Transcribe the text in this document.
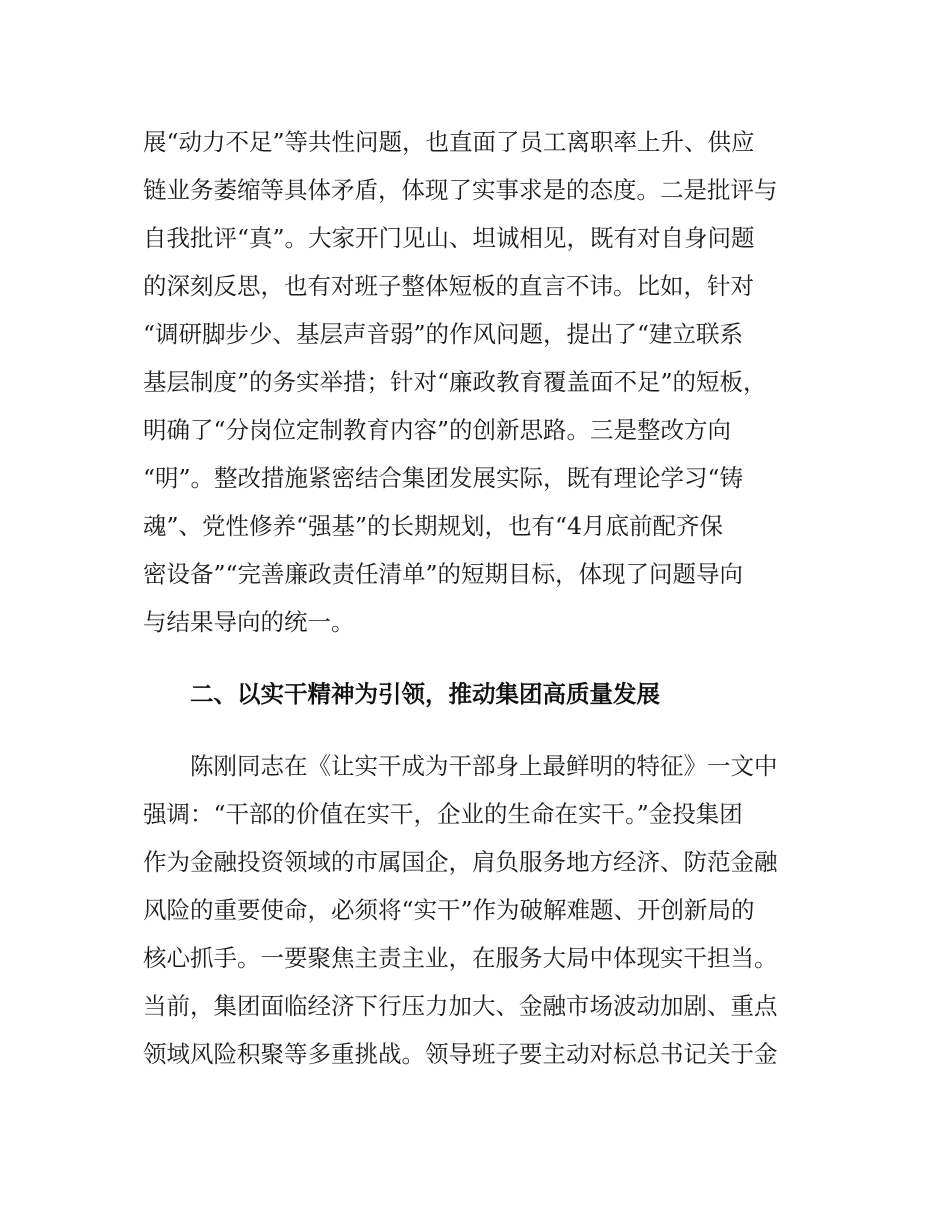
展“动力不足”等共性问题，也直面了员工离职率上升、供应
链业务萎缩等具体矛盾，体现了实事求是的态度。二是批评与
自我批评“真”。大家开门见山、坦诚相见，既有对自身问题
的深刻反思，也有对班子整体短板的直言不讳。比如，针对
“调研脚步少、基层声音弱”的作风问题，提出了“建立联系
基层制度”的务实举措；针对“廉政教育覆盖面不足”的短板，
明确了“分岗位定制教育内容”的创新思路。三是整改方向
“明”。整改措施紧密结合集团发展实际，既有理论学习“铸
魂”、党性修养“强基”的长期规划，也有“4月底前配齐保
密设备”“完善廉政责任清单”的短期目标，体现了问题导向
与结果导向的统一。
二、以实干精神为引领，推动集团高质量发展
陈刚同志在《让实干成为干部身上最鲜明的特征》一文中
强调：“干部的价值在实干，企业的生命在实干。”金投集团
作为金融投资领域的市属国企，肩负服务地方经济、防范金融
风险的重要使命，必须将“实干”作为破解难题、开创新局的
核心抓手。一要聚焦主责主业，在服务大局中体现实干担当。
当前，集团面临经济下行压力加大、金融市场波动加剧、重点
领域风险积聚等多重挑战。领导班子要主动对标总书记关于金
